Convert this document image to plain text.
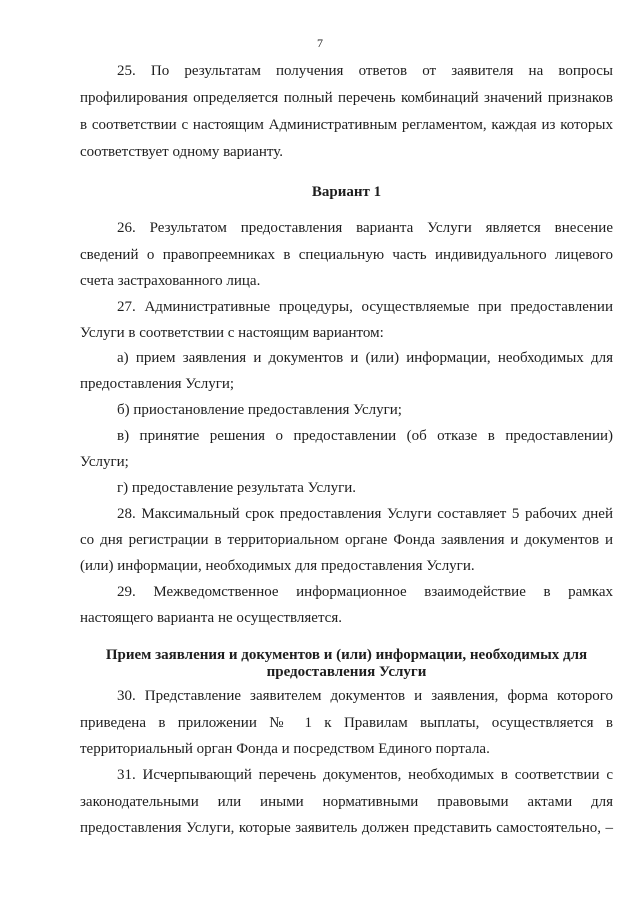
7
25. По результатам получения ответов от заявителя на вопросы
профилирования определяется полный перечень комбинаций значений признаков
в соответствии с настоящим Административным регламентом, каждая из которых
соответствует одному варианту.
Вариант 1
26. Результатом предоставления варианта Услуги является внесение
сведений о правопреемниках в специальную часть индивидуального лицевого
счета застрахованного лица.
27. Административные процедуры, осуществляемые при предоставлении
Услуги в соответствии с настоящим вариантом:
а) прием заявления и документов и (или) информации, необходимых для
предоставления Услуги;
б) приостановление предоставления Услуги;
в) принятие решения о предоставлении (об отказе в предоставлении)
Услуги;
г) предоставление результата Услуги.
28. Максимальный срок предоставления Услуги составляет 5 рабочих дней
со дня регистрации в территориальном органе Фонда заявления и документов и
(или) информации, необходимых для предоставления Услуги.
29. Межведомственное информационное взаимодействие в рамках
настоящего варианта не осуществляется.
Прием заявления и документов и (или) информации, необходимых для
предоставления Услуги
30. Представление заявителем документов и заявления, форма которого
приведена в приложении № 1 к Правилам выплаты, осуществляется в
территориальный орган Фонда и посредством Единого портала.
31. Исчерпывающий перечень документов, необходимых в соответствии с
законодательными или иными нормативными правовыми актами для
предоставления Услуги, которые заявитель должен представить самостоятельно, –
